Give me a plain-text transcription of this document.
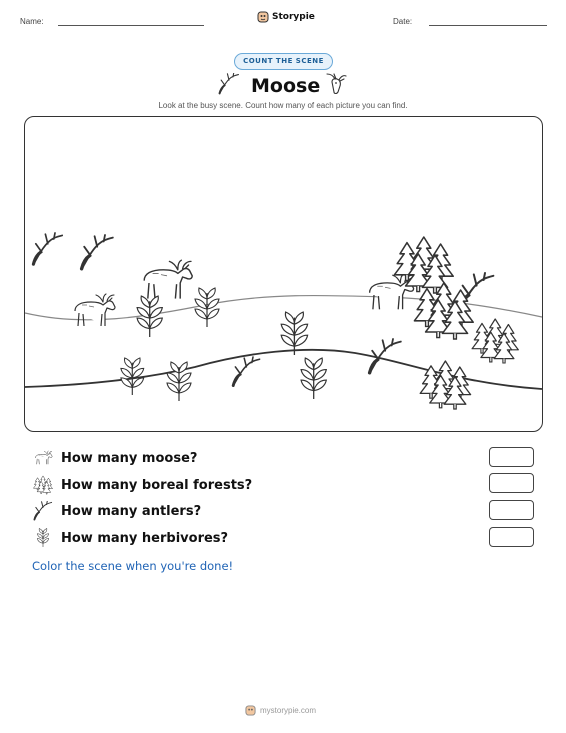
Name:	Storypie	Date:
COUNT THE SCENE
Moose
Look at the busy scene. Count how many of each picture you can find.
How many moose?
How many boreal forests?
How many antlers?
How many herbivores?
Color the scene when you're done!
mystorypie.com
